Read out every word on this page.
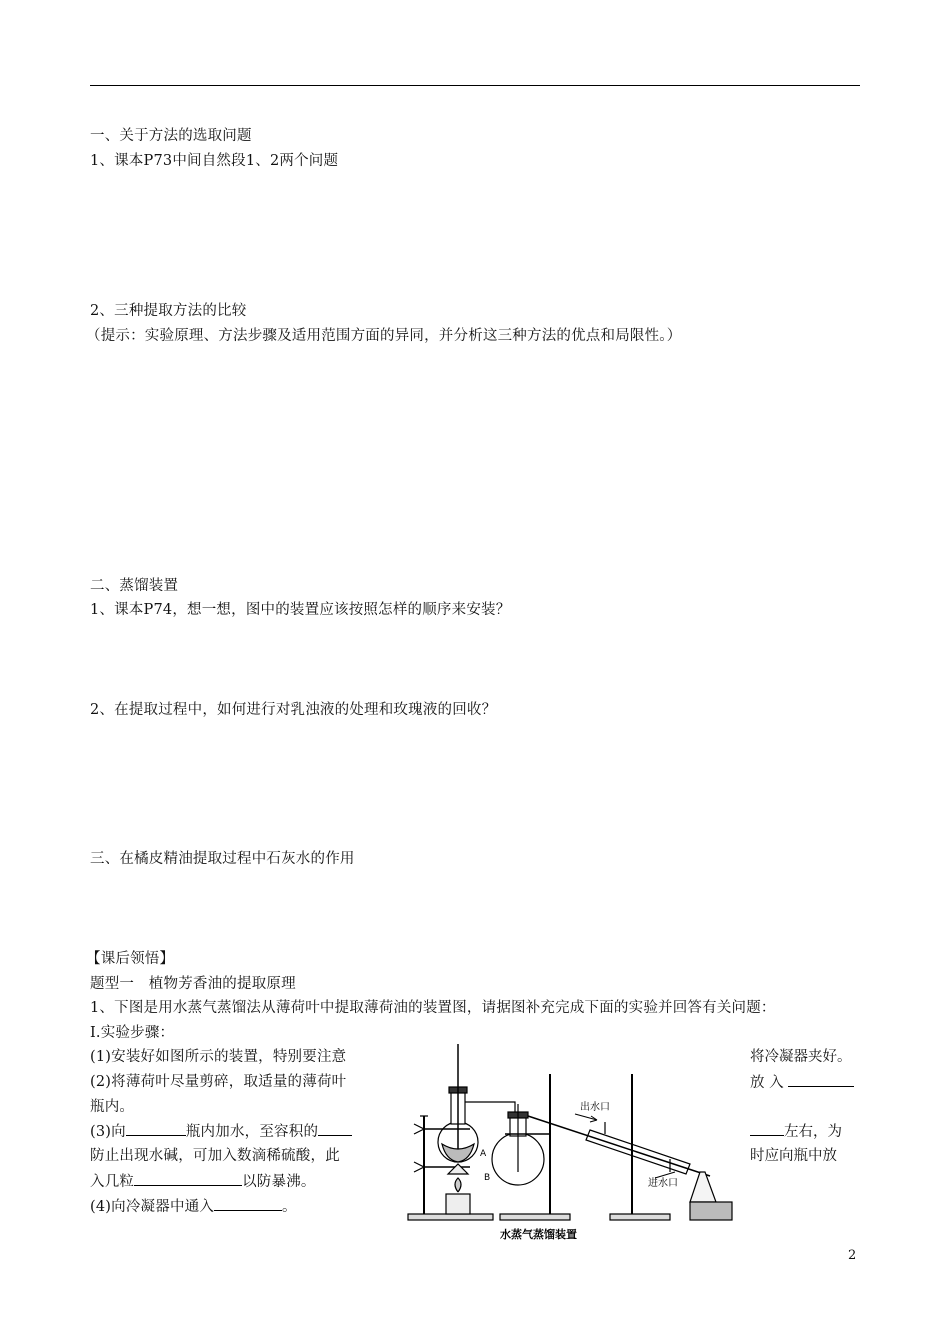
一、关于方法的选取问题
1、课本P73中间自然段1、2两个问题
2、三种提取方法的比较
（提示：实验原理、方法步骤及适用范围方面的异同，并分析这三种方法的优点和局限性。）
二、蒸馏装置
1、课本P74，想一想，图中的装置应该按照怎样的顺序来安装？
2、在提取过程中，如何进行对乳浊液的处理和玫瑰液的回收？
三、在橘皮精油提取过程中石灰水的作用
【课后领悟】
题型一　植物芳香油的提取原理
1、下图是用水蒸气蒸馏法从薄荷叶中提取薄荷油的装置图，请据图补充完成下面的实验并回答有关问题：
Ⅰ.实验步骤：
(1)安装好如图所示的装置，特别要注意	将冷凝器夹好。
(2)将薄荷叶尽量剪碎，取适量的薄荷叶	放 入
瓶内。
(3)向	瓶内加水，至容积的	左右，为
防止出现水碱，可加入数滴稀硫酸，此	时应向瓶中放
入几粒	以防暴沸。
(4)向冷凝器中通入	。
出水口
进水口
A
B
水蒸气蒸馏装置
2
